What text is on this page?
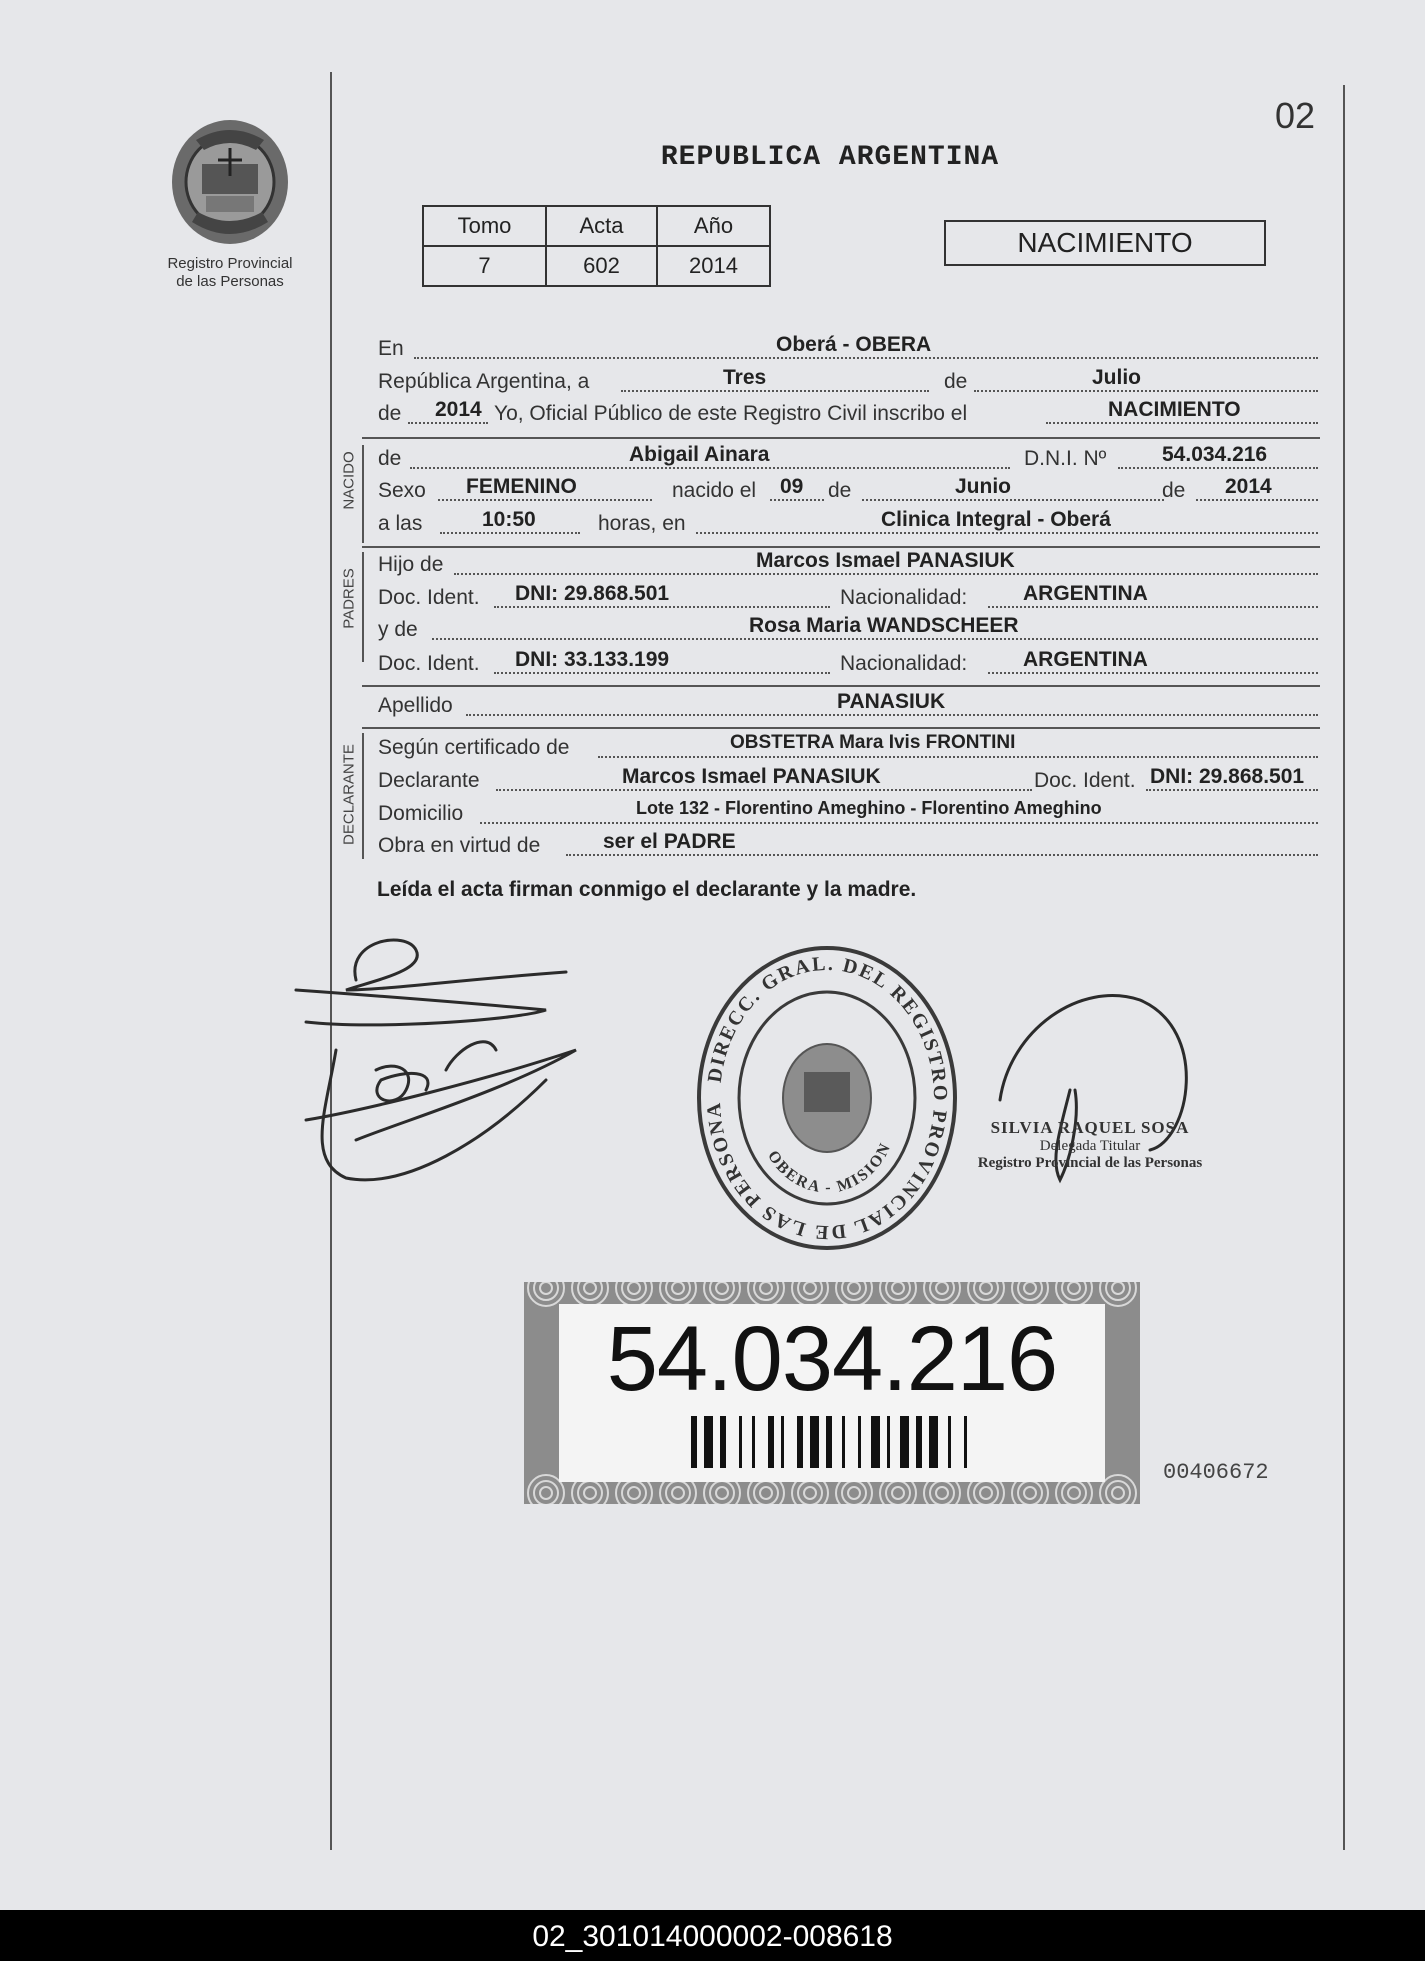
Registro Provincial
de las Personas
02
REPUBLICA ARGENTINA
Tomo	Acta	Año
7	602	2014
NACIMIENTO
En	Oberá - OBERA
República Argentina, a	Tres	de	Julio
de 2014 Yo, Oficial Público de este Registro Civil inscribo el	NACIMIENTO
NACIDO de	Abigail Ainara	D.N.I. Nº	54.034.216
Sexo FEMENINO	nacido el 09 de	Junio	de 2014
a las	10:50	horas, en	Clinica Integral - Oberá
PADRES
Hijo de	Marcos Ismael PANASIUK
Doc. Ident. DNI: 29.868.501	Nacionalidad:	ARGENTINA
y de	Rosa Maria WANDSCHEER
Doc. Ident. DNI: 33.133.199	Nacionalidad:	ARGENTINA
Apellido	PANASIUK
DECLARANTE Según certificado de	OBSTETRA Mara Ivis FRONTINI
Declarante	Marcos Ismael PANASIUK	Doc. Ident. DNI: 29.868.501
Domicilio	Lote 132 - Florentino Ameghino - Florentino Ameghino
Obra en virtud de	ser el PADRE
Leída el acta firman conmigo el declarante y la madre.
DIRECC. GRAL. DEL REGISTRO PROVINCIAL DE LAS PERSONA
OBERA - MISION
SILVIA RAQUEL SOSA
Delegada Titular
Registro Provincial de las Personas
54.034.216
00406672
02_301014000002-008618
